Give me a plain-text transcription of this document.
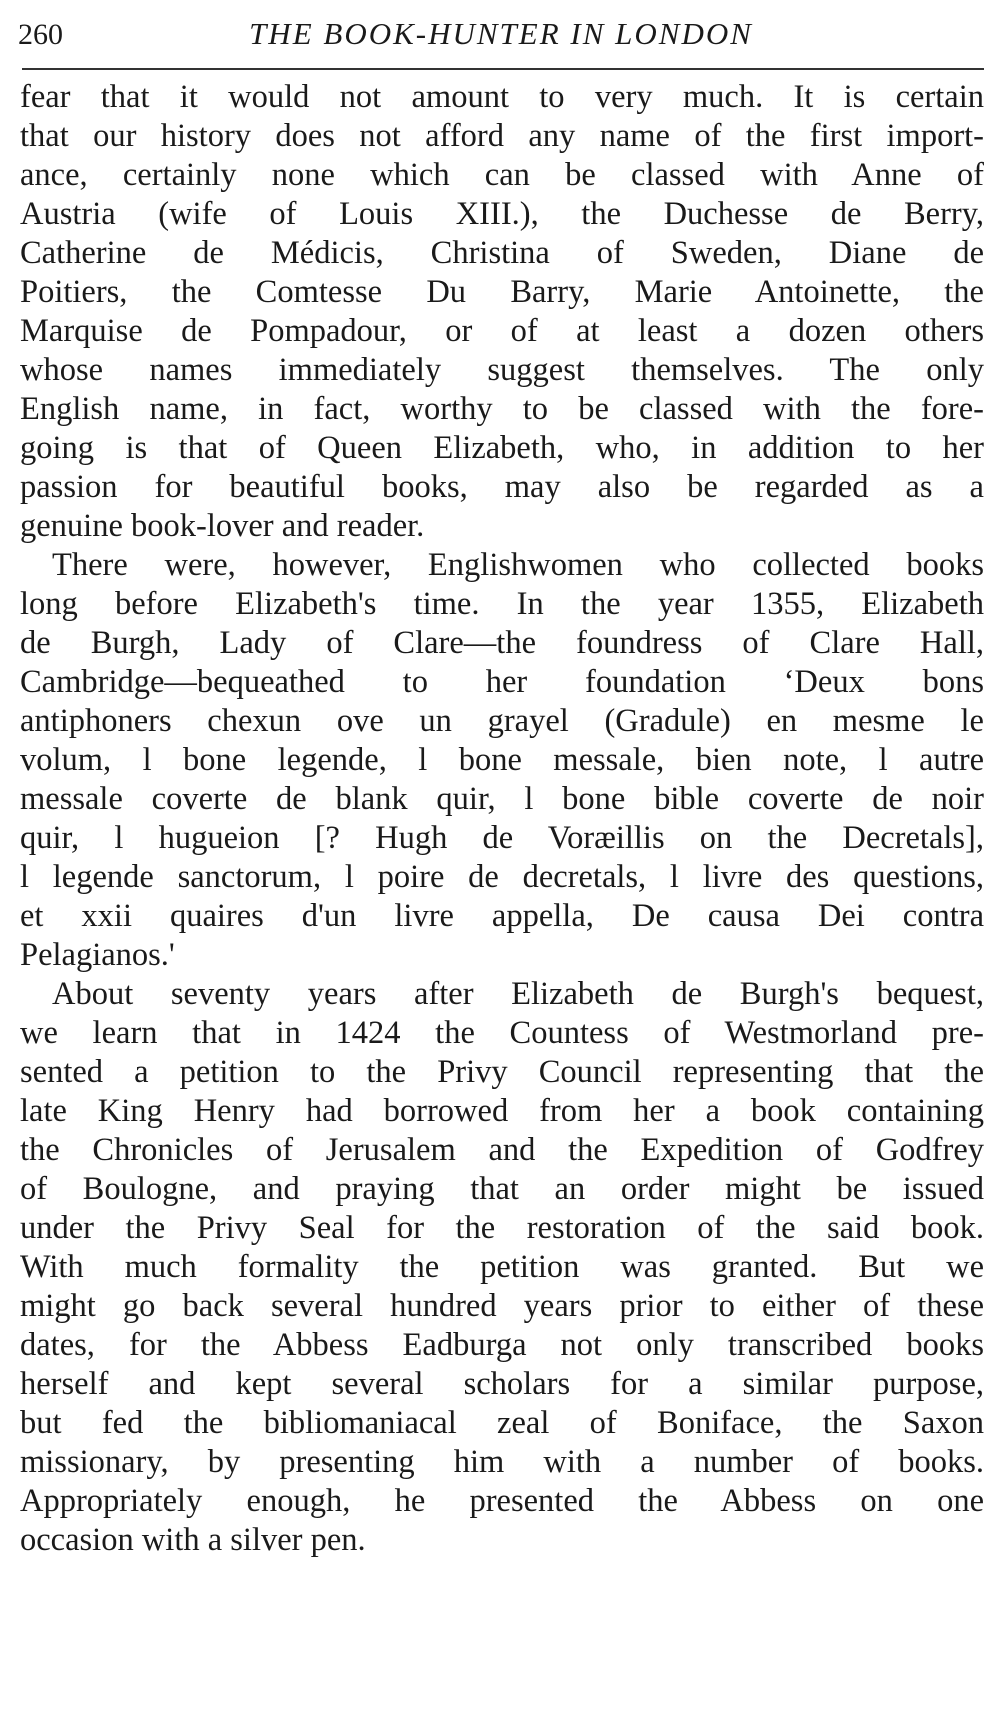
260	THE BOOK-HUNTER IN LONDON
fear that it would not amount to very much. It is certain
that our history does not afford any name of the first import-
ance, certainly none which can be classed with Anne of
Austria (wife of Louis XIII.), the Duchesse de Berry,
Catherine de Médicis, Christina of Sweden, Diane de
Poitiers, the Comtesse Du Barry, Marie Antoinette, the
Marquise de Pompadour, or of at least a dozen others
whose names immediately suggest themselves. The only
English name, in fact, worthy to be classed with the fore-
going is that of Queen Elizabeth, who, in addition to her
passion for beautiful books, may also be regarded as a
genuine book-lover and reader.
There were, however, Englishwomen who collected books
long before Elizabeth's time. In the year 1355, Elizabeth
de Burgh, Lady of Clare—the foundress of Clare Hall,
Cambridge—bequeathed to her foundation ‘Deux bons
antiphoners chexun ove un grayel (Gradule) en mesme le
volum, l bone legende, l bone messale, bien note, l autre
messale coverte de blank quir, l bone bible coverte de noir
quir, l hugueion [? Hugh de Voræillis on the Decretals],
l legende sanctorum, l poire de decretals, l livre des questions,
et xxii quaires d'un livre appella, De causa Dei contra
Pelagianos.'
About seventy years after Elizabeth de Burgh's bequest,
we learn that in 1424 the Countess of Westmorland pre-
sented a petition to the Privy Council representing that the
late King Henry had borrowed from her a book containing
the Chronicles of Jerusalem and the Expedition of Godfrey
of Boulogne, and praying that an order might be issued
under the Privy Seal for the restoration of the said book.
With much formality the petition was granted. But we
might go back several hundred years prior to either of these
dates, for the Abbess Eadburga not only transcribed books
herself and kept several scholars for a similar purpose,
but fed the bibliomaniacal zeal of Boniface, the Saxon
missionary, by presenting him with a number of books.
Appropriately enough, he presented the Abbess on one
occasion with a silver pen.
